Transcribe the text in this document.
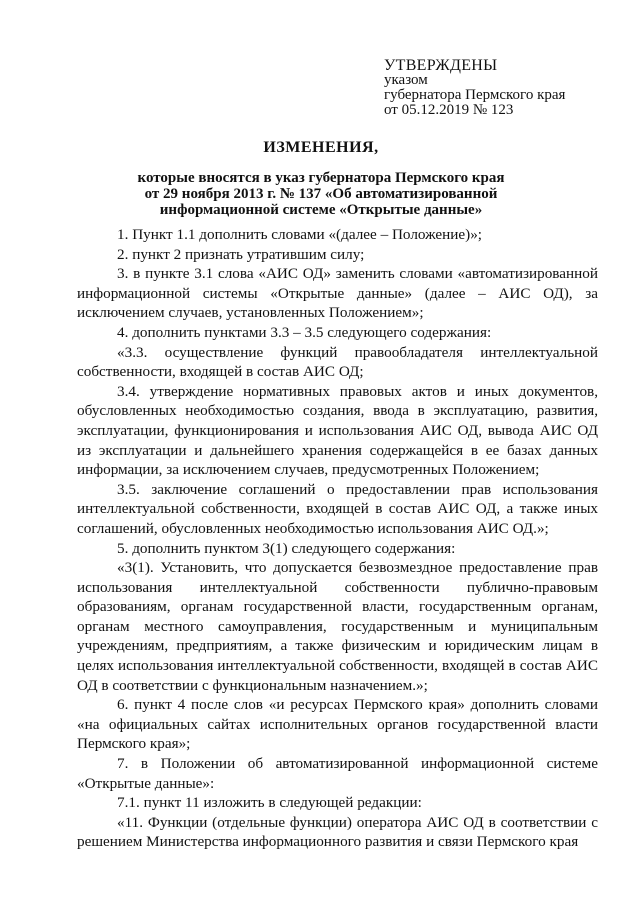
УТВЕРЖДЕНЫ
указом
губернатора Пермского края
от 05.12.2019 № 123
ИЗМЕНЕНИЯ,
которые вносятся в указ губернатора Пермского края
от 29 ноября 2013 г. № 137 «Об автоматизированной
информационной системе «Открытые данные»

1. Пункт 1.1 дополнить словами «(далее – Положение)»;

2. пункт 2 признать утратившим силу;

3. в пункте 3.1 слова «АИС ОД» заменить словами «автоматизированной информационной системы «Открытые данные» (далее – АИС ОД), за исключением случаев, установленных Положением»;

4. дополнить пунктами 3.3 – 3.5 следующего содержания:

«3.3. осуществление функций правообладателя интеллектуальной собственности, входящей в состав АИС ОД;

3.4. утверждение нормативных правовых актов и иных документов, обусловленных необходимостью создания, ввода в эксплуатацию, развития, эксплуатации, функционирования и использования АИС ОД, вывода АИС ОД из эксплуатации и дальнейшего хранения содержащейся в ее базах данных информации, за исключением случаев, предусмотренных Положением;

3.5. заключение соглашений о предоставлении прав использования интеллектуальной собственности, входящей в состав АИС ОД, а также иных соглашений, обусловленных необходимостью использования АИС ОД.»;

5. дополнить пунктом 3(1) следующего содержания:

«3(1). Установить, что допускается безвозмездное предоставление прав использования интеллектуальной собственности публично-правовым образованиям, органам государственной власти, государственным органам, органам местного самоуправления, государственным и муниципальным учреждениям, предприятиям, а также физическим и юридическим лицам в целях использования интеллектуальной собственности, входящей в состав АИС ОД в соответствии с функциональным назначением.»;

6. пункт 4 после слов «и ресурсах Пермского края» дополнить словами «на официальных сайтах исполнительных органов государственной власти Пермского края»;

7. в Положении об автоматизированной информационной системе «Открытые данные»:

7.1. пункт 11 изложить в следующей редакции:

«11. Функции (отдельные функции) оператора АИС ОД в соответствии с решением Министерства информационного развития и связи Пермского края
